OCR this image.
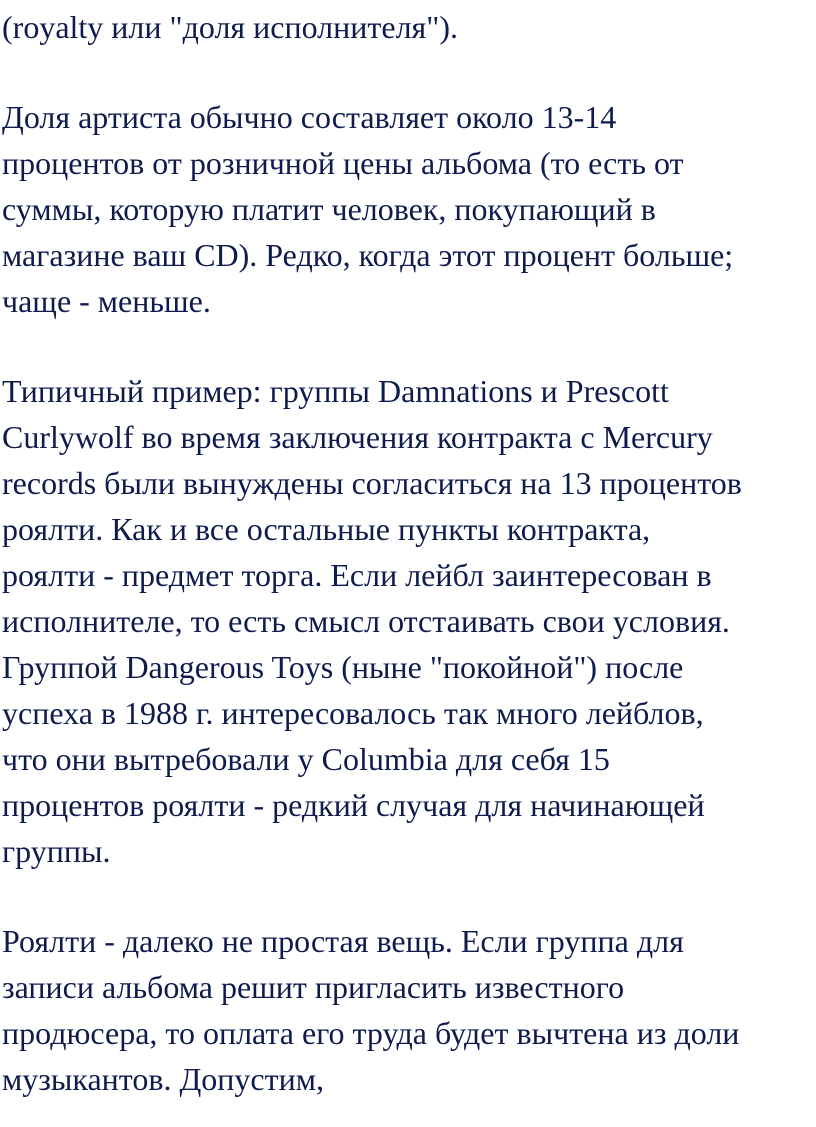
(royalty или "доля исполнителя").
Доля артиста обычно составляет около 13-14
процентов от розничной цены альбома (то есть от
суммы, которую платит человек, покупающий в
магазине ваш CD). Редко, когда этот процент больше;
чаще - меньше.
Типичный пример: группы Damnations и Prescott
Curlywolf во время заключения контракта с Mercury
records были вынуждены согласиться на 13 процентов
роялти. Как и все остальные пункты контракта,
роялти - предмет торга. Если лейбл заинтересован в
исполнителе, то есть смысл отстаивать свои условия.
Группой Dangerous Toys (ныне "покойной") после
успеха в 1988 г. интересовалось так много лейблов,
что они вытребовали у Columbia для себя 15
процентов роялти - редкий случая для начинающей
группы.
Роялти - далеко не простая вещь. Если группа для
записи альбома решит пригласить известного
продюсера, то оплата его труда будет вычтена из доли
музыкантов. Допустим,
